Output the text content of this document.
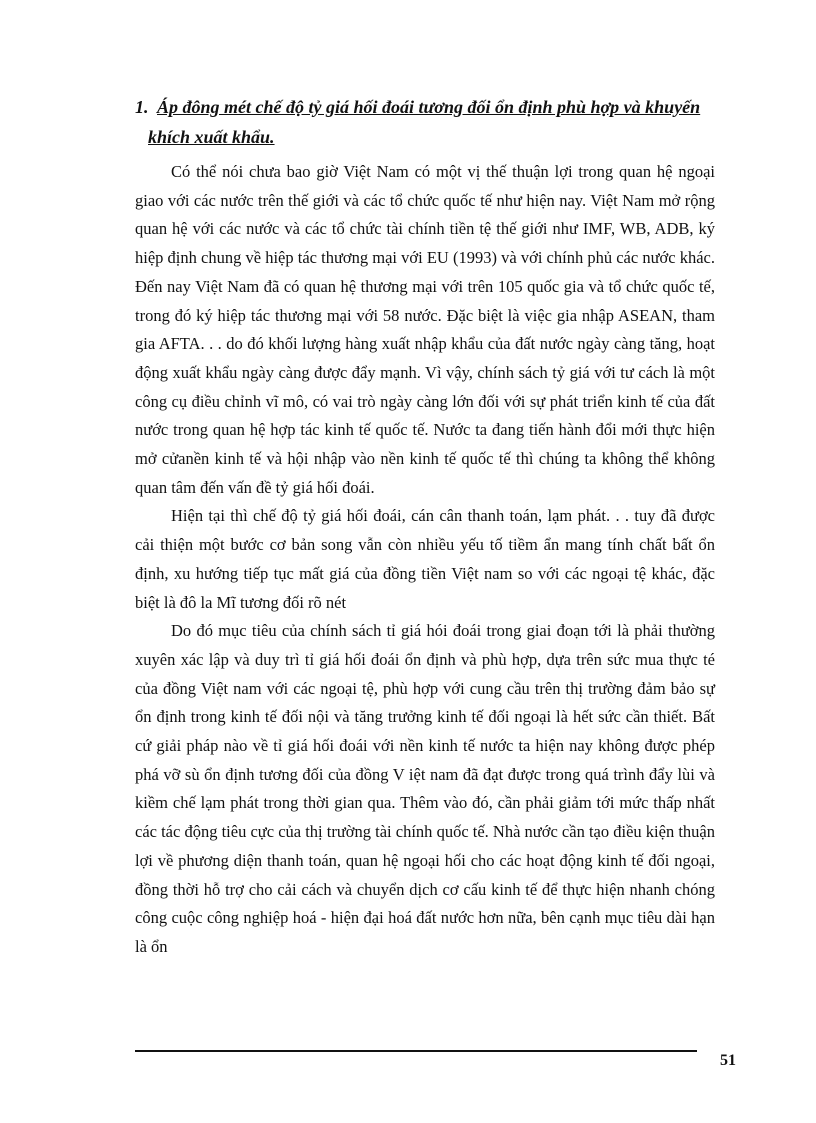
1. Áp đông mét chế độ tỷ giá hối đoái tương đối ổn định phù hợp và khuyến
khích xuất khẩu.

Có thể nói chưa bao giờ Việt Nam có một vị thế thuận lợi trong quan hệ ngoại giao với các nước trên thế giới và các tổ chức quốc tế như hiện nay. Việt Nam mở rộng quan hệ với các nước và các tổ chức tài chính tiền tệ thế giới như IMF, WB, ADB, ký hiệp định chung về hiệp tác thương mại với EU (1993) và với chính phủ các nước khác. Đến nay Việt Nam đã có quan hệ thương mại với trên 105 quốc gia và tổ chức quốc tế, trong đó ký hiệp tác thương mại với 58 nước. Đặc biệt là việc gia nhập ASEAN, tham gia AFTA. . . do đó khối lượng hàng xuất nhập khẩu của đất nước ngày càng tăng, hoạt động xuất khẩu ngày càng được đẩy mạnh. Vì vậy, chính sách tỷ giá với tư cách là một công cụ điều chỉnh vĩ mô, có vai trò ngày càng lớn đối với sự phát triển kinh tế của đất nước trong quan hệ hợp tác kinh tế quốc tế. Nước ta đang tiến hành đổi mới thực hiện mở cửanền kinh tế và hội nhập vào nền kinh tế quốc tế thì chúng ta không thể không quan tâm đến vấn đề tỷ giá hối đoái.

Hiện tại thì chế độ tỷ giá hối đoái, cán cân thanh toán, lạm phát. . . tuy đã được cải thiện một bước cơ bản song vẫn còn nhiều yếu tố tiềm ẩn mang tính chất bất ổn định, xu hướng tiếp tục mất giá của đồng tiền Việt nam so với các ngoại tệ khác, đặc biệt là đô la Mĩ tương đối rõ nét

Do đó mục tiêu của chính sách tỉ giá hói đoái trong giai đoạn tới là phải thường xuyên xác lập và duy trì tỉ giá hối đoái ổn định và phù hợp, dựa trên sức mua thực té của đồng Việt nam với các ngoại tệ, phù hợp với cung cầu trên thị trường đảm bảo sự ổn định trong kinh tế đối nội và tăng trưởng kinh tế đối ngoại là hết sức cần thiết. Bất cứ giải pháp nào về tỉ giá hối đoái với nền kinh tế nước ta hiện nay không được phép phá vỡ sù ổn định tương đối của đồng V iệt nam đã đạt được trong quá trình đẩy lùi và kiềm chế lạm phát trong thời gian qua. Thêm vào đó, cần phải giảm tới mức thấp nhất các tác động tiêu cực của thị trường tài chính quốc tế. Nhà nước cần tạo điều kiện thuận lợi về phương diện thanh toán, quan hệ ngoại hối cho các hoạt động kinh tế đối ngoại, đồng thời hỗ trợ cho cải cách và chuyển dịch cơ cấu kinh tế để thực hiện nhanh chóng công cuộc công nghiệp hoá - hiện đại hoá đất nước hơn nữa, bên cạnh mục tiêu dài hạn là ổn

51
